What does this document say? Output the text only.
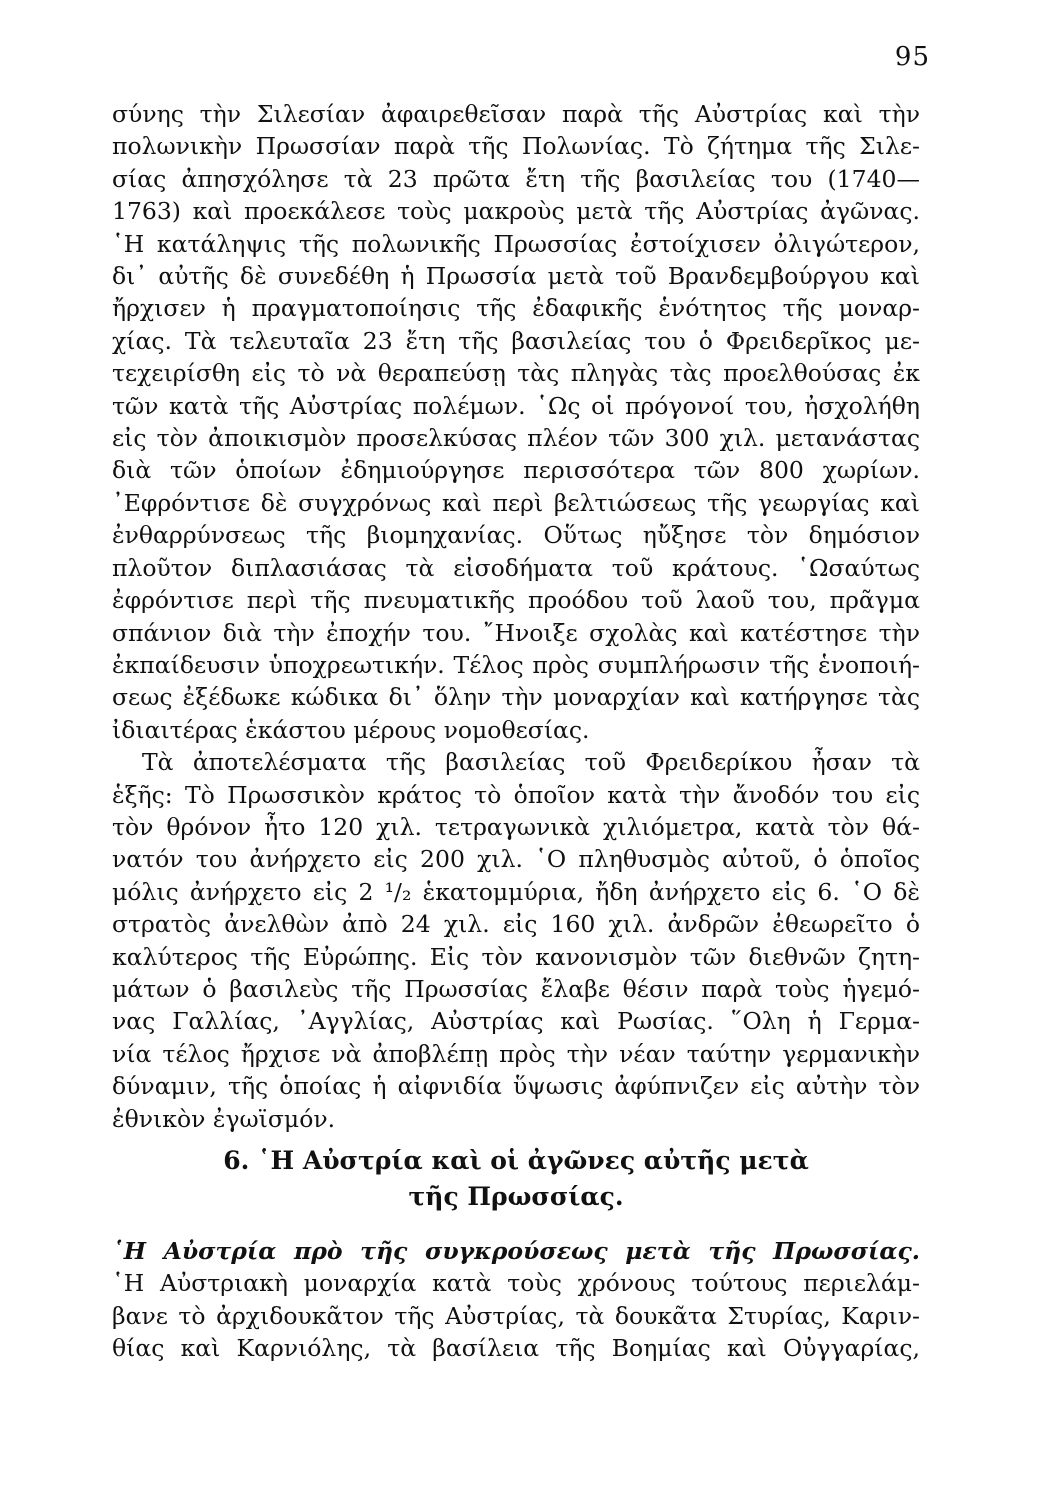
95
σύνης τὴν Σιλεσίαν ἀφαιρεθεῖσαν παρὰ τῆς Αὐστρίας καὶ τὴν
πολωνικὴν Πρωσσίαν παρὰ τῆς Πολωνίας. Τὸ ζήτημα τῆς Σιλε-
σίας ἀπησχόλησε τὰ 23 πρῶτα ἔτη τῆς βασιλείας του (1740—
1763) καὶ προεκάλεσε τοὺς μακροὺς μετὰ τῆς Αὐστρίας ἀγῶνας.
῾Η κατάληψις τῆς πολωνικῆς Πρωσσίας ἐστοίχισεν ὀλιγώτερον,
δι᾽ αὐτῆς δὲ συνεδέθη ἡ Πρωσσία μετὰ τοῦ Βρανδεμβούργου καὶ
ἤρχισεν ἡ πραγματοποίησις τῆς ἐδαφικῆς ἑνότητος τῆς μοναρ-
χίας. Τὰ τελευταῖα 23 ἔτη τῆς βασιλείας του ὁ Φρειδερῖκος με-
τεχειρίσθη εἰς τὸ νὰ θεραπεύσῃ τὰς πληγὰς τὰς προελθούσας ἐκ
τῶν κατὰ τῆς Αὐστρίας πολέμων. ῾Ως οἱ πρόγονοί του, ἠσχολήθη
εἰς τὸν ἀποικισμὸν προσελκύσας πλέον τῶν 300 χιλ. μετανάστας
διὰ τῶν ὁποίων ἐδημιούργησε περισσότερα τῶν 800 χωρίων.
᾽Εφρόντισε δὲ συγχρόνως καὶ περὶ βελτιώσεως τῆς γεωργίας καὶ
ἐνθαρρύνσεως τῆς βιομηχανίας. Οὕτως ηὔξησε τὸν δημόσιον
πλοῦτον διπλασιάσας τὰ εἰσοδήματα τοῦ κράτους. ῾Ωσαύτως
ἐφρόντισε περὶ τῆς πνευματικῆς προόδου τοῦ λαοῦ του, πρᾶγμα
σπάνιον διὰ τὴν ἐποχήν του. ῎Ηνοιξε σχολὰς καὶ κατέστησε τὴν
ἐκπαίδευσιν ὑποχρεωτικήν. Τέλος πρὸς συμπλήρωσιν τῆς ἑνοποιή-
σεως ἐξέδωκε κώδικα δι᾽ ὅλην τὴν μοναρχίαν καὶ κατήργησε τὰς
ἰδιαιτέρας ἑκάστου μέρους νομοθεσίας.
Τὰ ἀποτελέσματα τῆς βασιλείας τοῦ Φρειδερίκου ἦσαν τὰ
ἑξῆς: Τὸ Πρωσσικὸν κράτος τὸ ὁποῖον κατὰ τὴν ἄνοδόν του εἰς
τὸν θρόνον ἦτο 120 χιλ. τετραγωνικὰ χιλιόμετρα, κατὰ τὸν θά-
νατόν του ἀνήρχετο εἰς 200 χιλ. ῾Ο πληθυσμὸς αὐτοῦ, ὁ ὁποῖος
μόλις ἀνήρχετο εἰς 2 ¹/₂ ἑκατομμύρια, ἤδη ἀνήρχετο εἰς 6. ῾Ο δὲ
στρατὸς ἀνελθὼν ἀπὸ 24 χιλ. εἰς 160 χιλ. ἀνδρῶν ἐθεωρεῖτο ὁ
καλύτερος τῆς Εὐρώπης. Εἰς τὸν κανονισμὸν τῶν διεθνῶν ζητη-
μάτων ὁ βασιλεὺς τῆς Πρωσσίας ἔλαβε θέσιν παρὰ τοὺς ἡγεμό-
νας Γαλλίας, ᾽Αγγλίας, Αὐστρίας καὶ Ρωσίας. ῞Ολη ἡ Γερμα-
νία τέλος ἤρχισε νὰ ἀποβλέπῃ πρὸς τὴν νέαν ταύτην γερμανικὴν
δύναμιν, τῆς ὁποίας ἡ αἰφνιδία ὕψωσις ἀφύπνιζεν εἰς αὐτὴν τὸν
ἐθνικὸν ἐγωϊσμόν.
6. ῾Η Αὐστρία καὶ οἱ ἀγῶνες αὐτῆς μετὰ
τῆς Πρωσσίας.
῾Η Αὐστρία πρὸ τῆς συγκρούσεως μετὰ τῆς Πρωσσίας.
῾Η Αὐστριακὴ μοναρχία κατὰ τοὺς χρόνους τούτους περιελάμ-
βανε τὸ ἀρχιδουκᾶτον τῆς Αὐστρίας, τὰ δουκᾶτα Στυρίας, Καριν-
θίας καὶ Καρνιόλης, τὰ βασίλεια τῆς Βοημίας καὶ Οὐγγαρίας,
